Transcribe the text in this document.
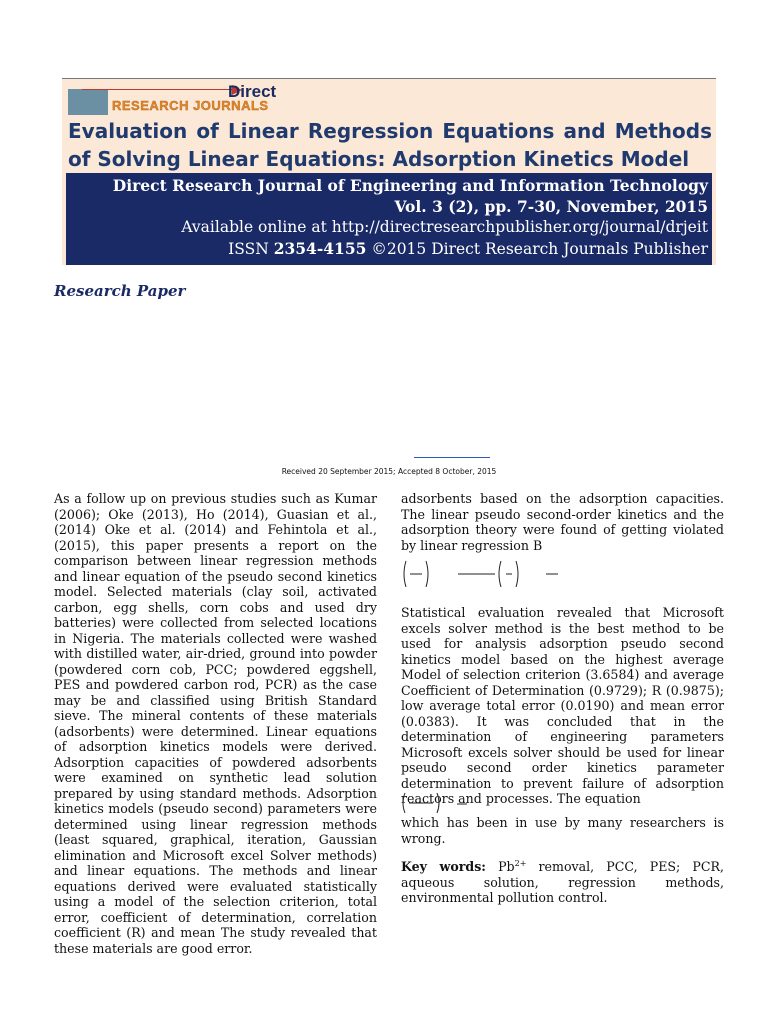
Direct
RESEARCH JOURNALS
Evaluation of Linear Regression Equations and Methods of Solving Linear Equations: Adsorption Kinetics Model
Direct Research Journal of Engineering and Information Technology
Vol. 3 (2), pp. 7-30, November, 2015
Available online at http://directresearchpublisher.org/journal/drjeit
ISSN 2354-4155 ©2015 Direct Research Journals Publisher
Research Paper
Received 20 September 2015; Accepted 8 October, 2015
As a follow up on previous studies such as Kumar (2006); Oke (2013), Ho (2014), Guasian et al., (2014) Oke et al. (2014) and Fehintola et al., (2015), this paper presents a report on the comparison between linear regression methods and linear equation of the pseudo second kinetics model. Selected materials (clay soil, activated carbon, egg shells, corn cobs and used dry batteries) were collected from selected locations in Nigeria. The materials collected were washed with distilled water, air-dried, ground into powder (powdered corn cob, PCC; powdered eggshell, PES and powdered carbon rod, PCR) as the case may be and classified using British Standard sieve. The mineral contents of these materials (adsorbents) were determined. Linear equations of adsorption kinetics models were derived. Adsorption capacities of powdered adsorbents were examined on synthetic lead solution prepared by using standard methods. Adsorption kinetics models (pseudo second) parameters were determined using linear regression methods (least squared, graphical, iteration, Gaussian elimination and Microsoft excel Solver methods) and linear equations. The methods and linear equations derived were evaluated statistically using a model of the selection criterion, total error, coefficient of determination, correlation coefficient (R) and mean The study revealed that these materials are good error.
adsorbents based on the adsorption capacities. The linear pseudo second-order kinetics and the adsorption theory were found of getting violated by linear regression B
Statistical evaluation revealed that Microsoft excels solver method is the best method to be used for analysis adsorption pseudo second kinetics model based on the highest average Model of selection criterion (3.6584) and average Coefficient of Determination (0.9729); R (0.9875); low average total error (0.0190) and mean error (0.0383). It was concluded that in the determination of engineering parameters Microsoft excels solver should be used for linear pseudo second order kinetics parameter determination to prevent failure of adsorption reactors and processes. The equation
which has been in use by many researchers is wrong.
Key words: $Pb^{2+}$ removal, PCC, PES; PCR, aqueous solution, regression methods, environmental pollution control.
